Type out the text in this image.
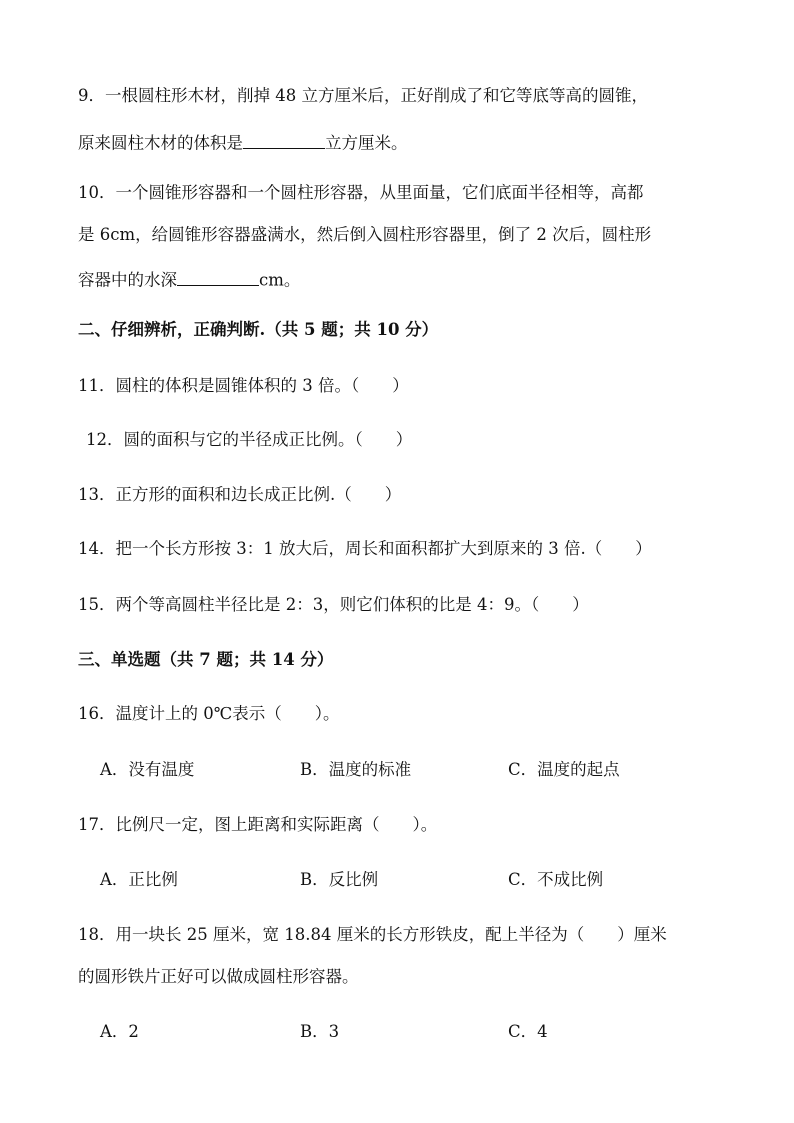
9．一根圆柱形木材，削掉 48 立方厘米后，正好削成了和它等底等高的圆锥，
原来圆柱木材的体积是	立方厘米。
10．一个圆锥形容器和一个圆柱形容器，从里面量，它们底面半径相等，高都
是 6cm，给圆锥形容器盛满水，然后倒入圆柱形容器里，倒了 2 次后，圆柱形
容器中的水深	cm。
二、仔细辨析，正确判断.（共 5 题；共 10 分）
11．圆柱的体积是圆锥体积的 3 倍。（　　）
12．圆的面积与它的半径成正比例。（　　）
13．正方形的面积和边长成正比例.（　　）
14．把一个长方形按 3：1 放大后，周长和面积都扩大到原来的 3 倍.（　　）
15．两个等高圆柱半径比是 2：3，则它们体积的比是 4：9。（　　）
三、单选题（共 7 题；共 14 分）
16．温度计上的 0℃表示（　　）。
A．没有温度	B．温度的标准	C．温度的起点
17．比例尺一定，图上距离和实际距离（　　）。
A．正比例	B．反比例	C．不成比例
18．用一块长 25 厘米，宽 18.84 厘米的长方形铁皮，配上半径为（　　）厘米
的圆形铁片正好可以做成圆柱形容器。
A．2	B．3	C．4
